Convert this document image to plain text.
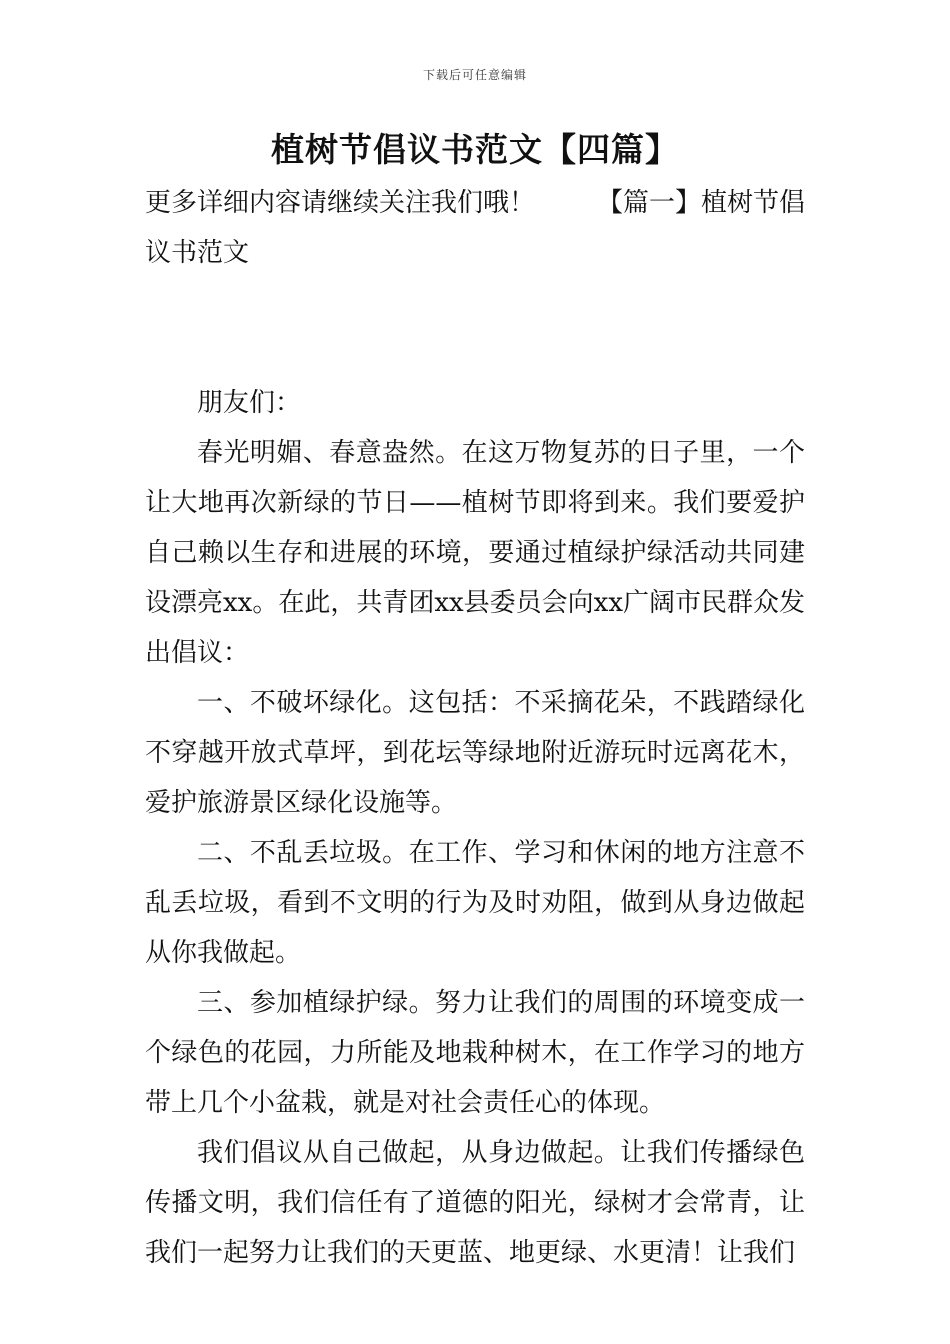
下载后可任意编辑
植树节倡议书范文【四篇】
更多详细内容请继续关注我们哦！ 【篇一】植树节倡
议书范文

朋友们：

春光明媚、春意盎然。在这万物复苏的日子里，一个让大地再次新绿的节日——植树节即将到来。我们要爱护自己赖以生存和进展的环境，要通过植绿护绿活动共同建设漂亮xx。在此，共青团xx县委员会向xx广阔市民群众发出倡议：

一、不破坏绿化。这包括：不采摘花朵，不践踏绿化不穿越开放式草坪，到花坛等绿地附近游玩时远离花木，爱护旅游景区绿化设施等。

二、不乱丢垃圾。在工作、学习和休闲的地方注意不乱丢垃圾，看到不文明的行为及时劝阻，做到从身边做起从你我做起。

三、参加植绿护绿。努力让我们的周围的环境变成一个绿色的花园，力所能及地栽种树木，在工作学习的地方带上几个小盆栽，就是对社会责任心的体现。

我们倡议从自己做起，从身边做起。让我们传播绿色传播文明，我们信任有了道德的阳光，绿树才会常青，让我们一起努力让我们的天更蓝、地更绿、水更清！让我们
